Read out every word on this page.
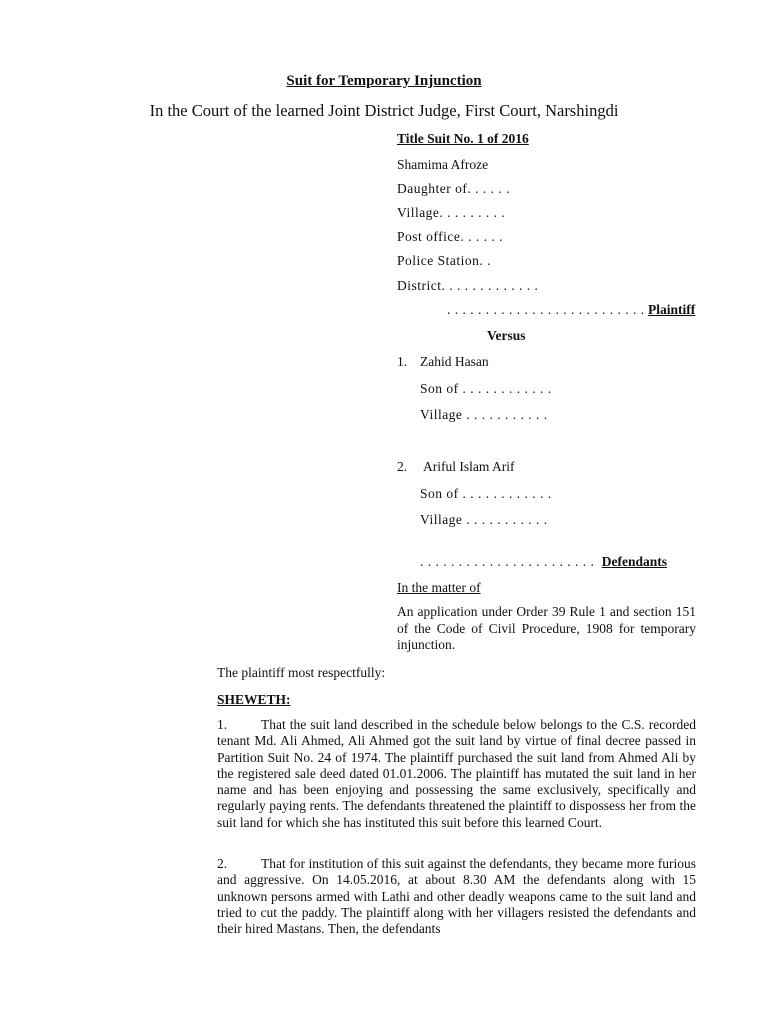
Suit for Temporary Injunction
In the Court of the learned Joint District Judge, First Court, Narshingdi
Title Suit No. 1 of 2016
Shamima Afroze
Daughter of. . . . . .
Village. . . . . . . . .
Post office. . . . . .
Police Station. .
District. . . . . . . . . . . . .
. . . . . . . . . . . . . . . . . . . . . . . . . . Plaintiff
Versus
1. Zahid Hasan
Son of . . . . . . . . . . . .
Village . . . . . . . . . . .
2. Ariful Islam Arif
Son of . . . . . . . . . . . .
Village . . . . . . . . . . .
. . . . . . . . . . . . . . . . . . . . . . . Defendants
In the matter of
An application under Order 39 Rule 1 and section 151 of the Code of Civil Procedure, 1908 for temporary injunction.
The plaintiff most respectfully:
SHEWETH:
1.	That the suit land described in the schedule below belongs to the C.S. recorded tenant Md. Ali Ahmed, Ali Ahmed got the suit land by virtue of final decree passed in Partition Suit No. 24 of 1974. The plaintiff purchased the suit land from Ahmed Ali by the registered sale deed dated 01.01.2006. The plaintiff has mutated the suit land in her name and has been enjoying and possessing the same exclusively, specifically and regularly paying rents. The defendants threatened the plaintiff to dispossess her from the suit land for which she has instituted this suit before this learned Court.
2.	That for institution of this suit against the defendants, they became more furious and aggressive. On 14.05.2016, at about 8.30 AM the defendants along with 15 unknown persons armed with Lathi and other deadly weapons came to the suit land and tried to cut the paddy. The plaintiff along with her villagers resisted the defendants and their hired Mastans. Then, the defendants
